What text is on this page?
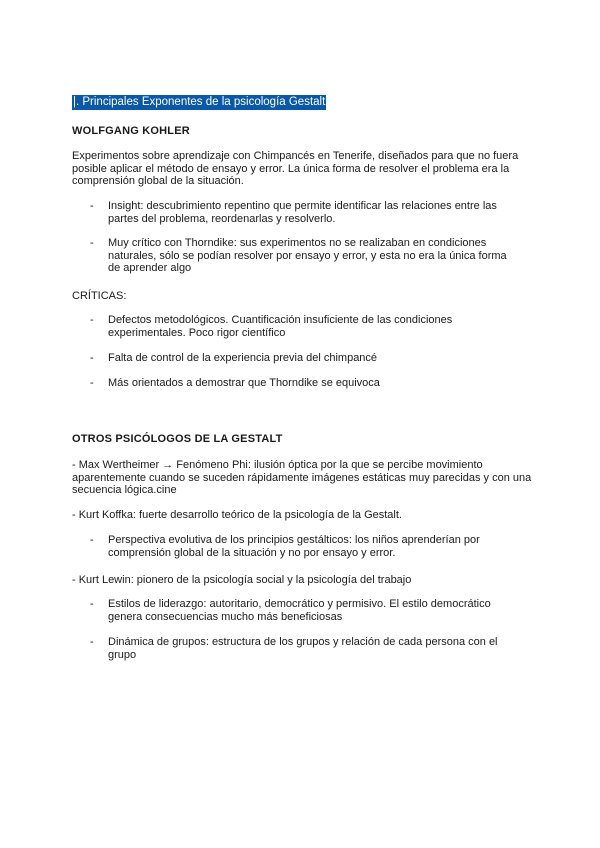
|. Principales Exponentes de la psicología Gestalt
WOLFGANG KOHLER
Experimentos sobre aprendizaje con Chimpancés en Tenerife, diseñados para que no fuera posible aplicar el método de ensayo y error. La única forma de resolver el problema era la comprensión global de la situación.
-	Insight: descubrimiento repentino que permite identificar las relaciones entre las partes del problema, reordenarlas y resolverlo.
-	Muy crítico con Thorndike: sus experimentos no se realizaban en condiciones naturales, sólo se podían resolver por ensayo y error, y esta no era la única forma de aprender algo
CRÍTICAS:
-	Defectos metodológicos. Cuantificación insuficiente de las condiciones experimentales. Poco rigor científico
-	Falta de control de la experiencia previa del chimpancé
-	Más orientados a demostrar que Thorndike se equivoca
OTROS PSICÓLOGOS DE LA GESTALT
- Max Wertheimer → Fenómeno Phi: ilusión óptica por la que se percibe movimiento aparentemente cuando se suceden rápidamente imágenes estáticas muy parecidas y con una secuencia lógica.cine
- Kurt Koffka: fuerte desarrollo teórico de la psicología de la Gestalt.
-	Perspectiva evolutiva de los principios gestálticos: los niños aprenderían por comprensión global de la situación y no por ensayo y error.
- Kurt Lewin: pionero de la psicología social y la psicología del trabajo
-	Estilos de liderazgo: autoritario, democrático y permisivo. El estilo democrático genera consecuencias mucho más beneficiosas
-	Dinámica de grupos: estructura de los grupos y relación de cada persona con el grupo
